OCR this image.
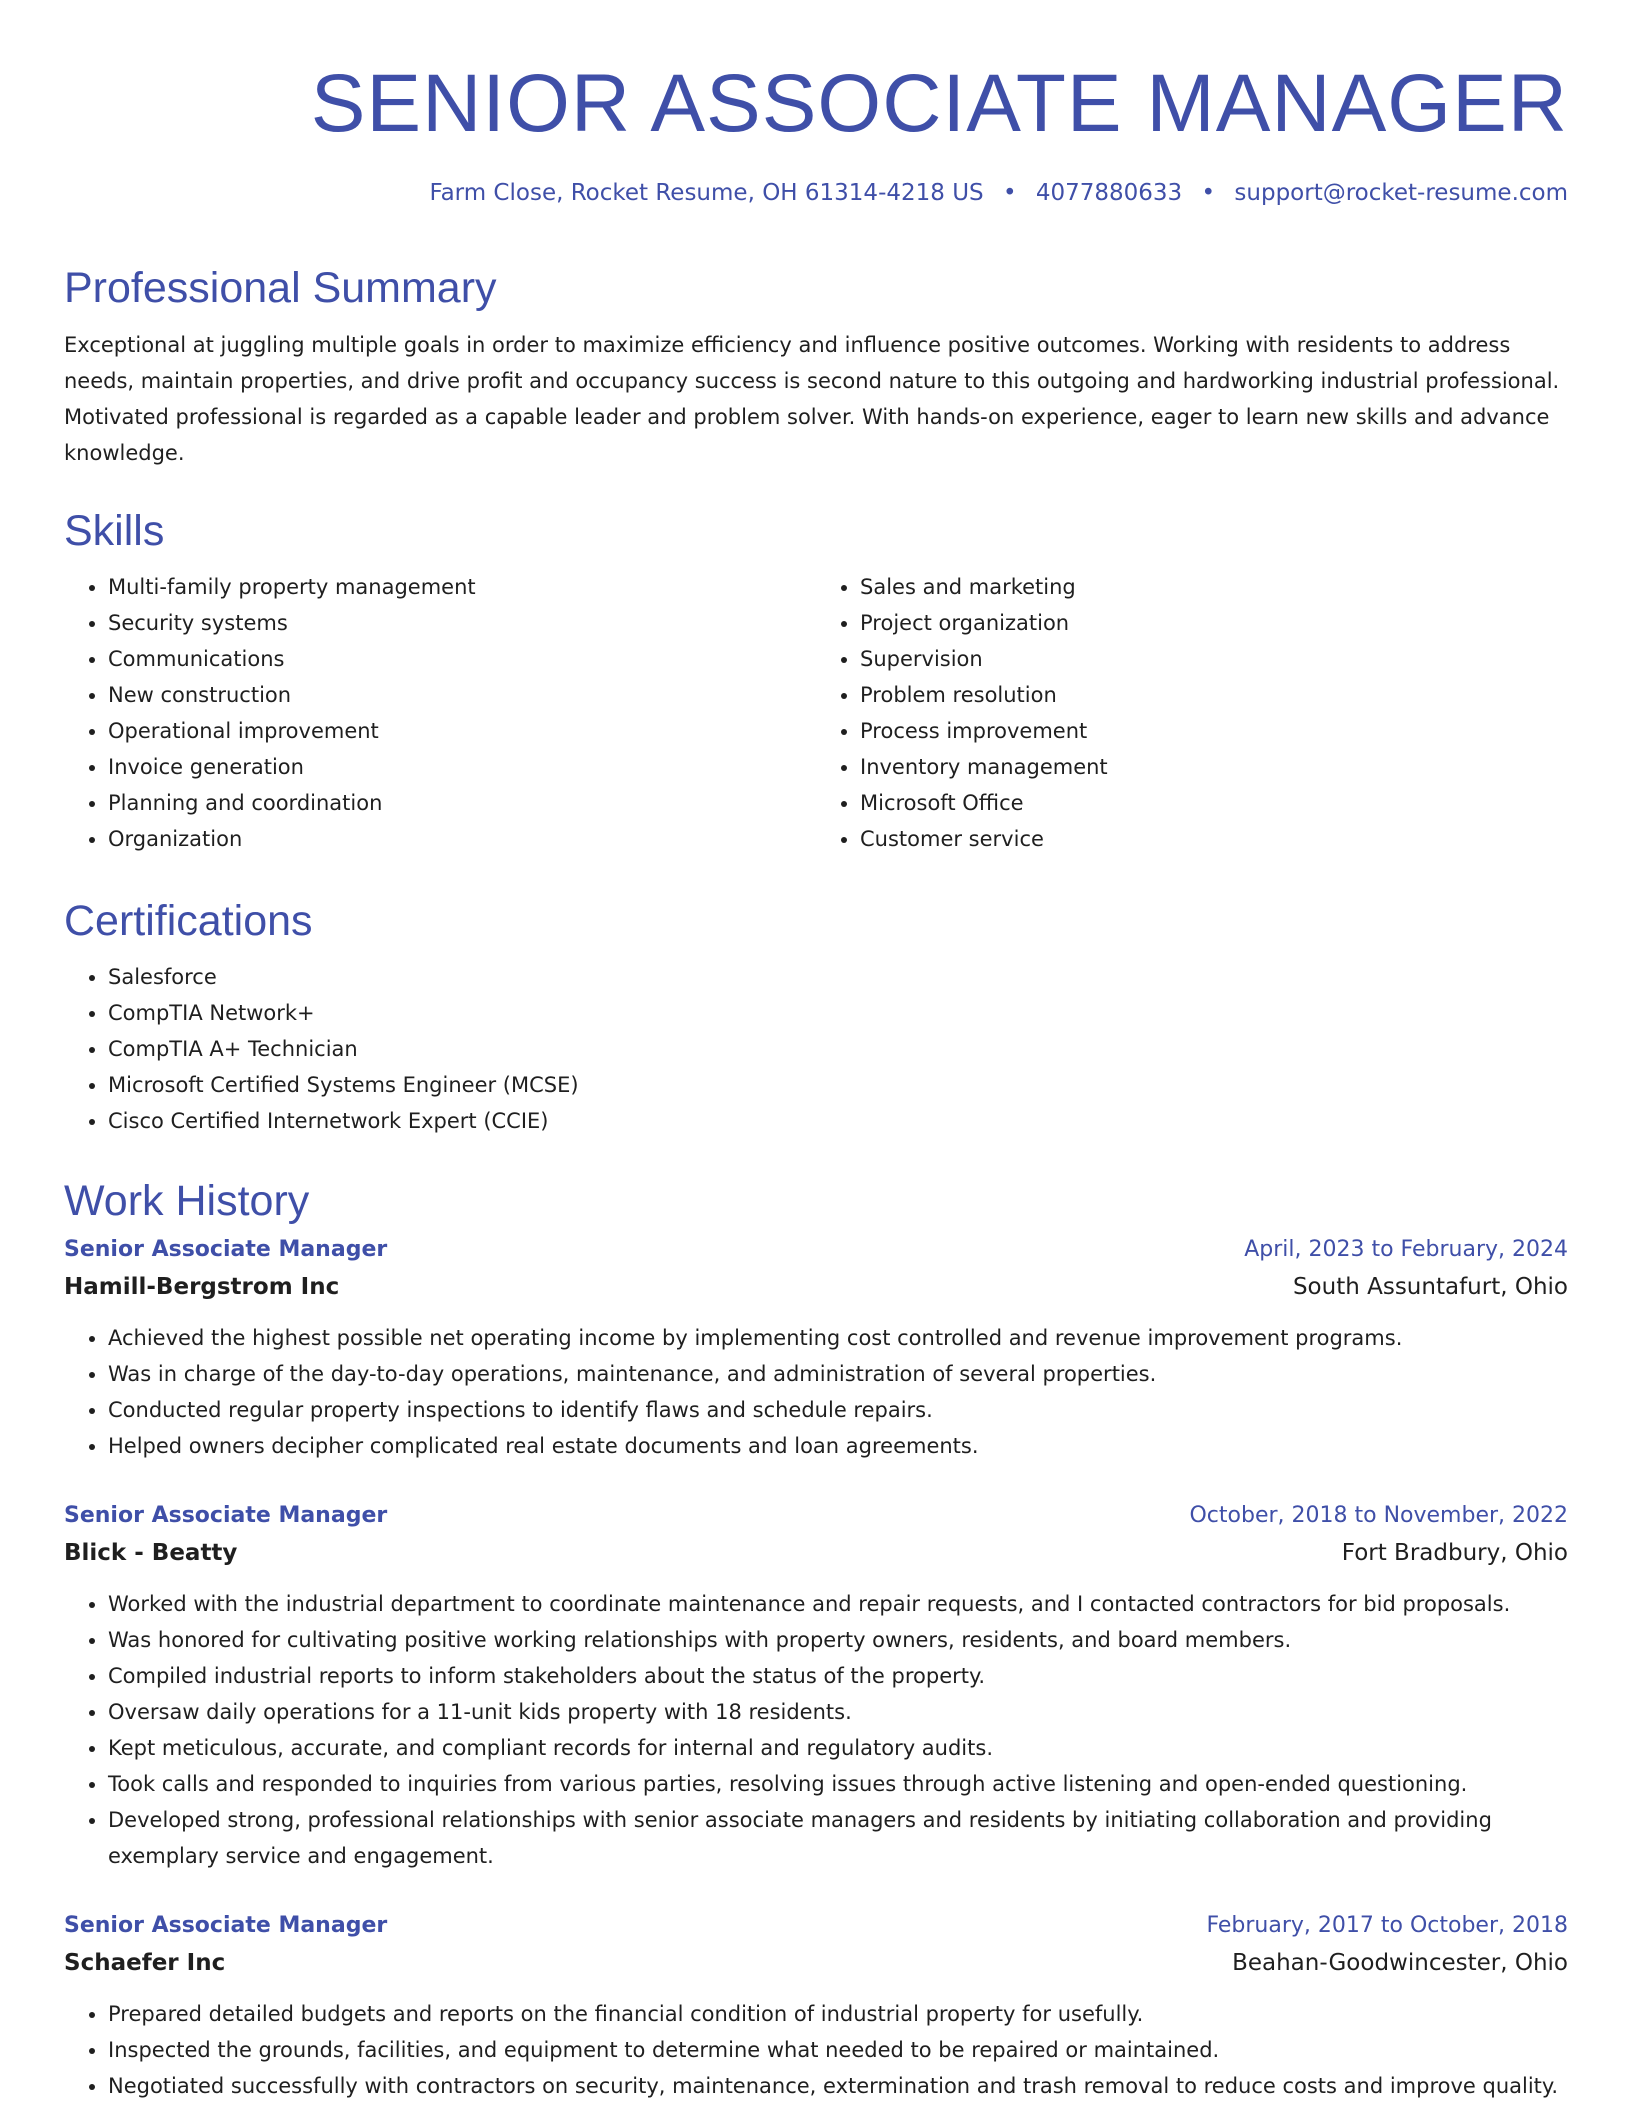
SENIOR ASSOCIATE MANAGER
Farm Close, Rocket Resume, OH 61314-4218 US • 4077880633 • support@rocket-resume.com
Professional Summary

Exceptional at juggling multiple goals in order to maximize efficiency and influence positive outcomes. Working with residents to address needs, maintain properties, and drive profit and occupancy success is second nature to this outgoing and hardworking industrial professional. Motivated professional is regarded as a capable leader and problem solver. With hands-on experience, eager to learn new skills and advance knowledge.

Skills
• Multi-family property management
• Security systems
• Communications
• New construction
• Operational improvement
• Invoice generation
• Planning and coordination
• Organization
• Sales and marketing
• Project organization
• Supervision
• Problem resolution
• Process improvement
• Inventory management
• Microsoft Office
• Customer service
Certifications
• Salesforce
• CompTIA Network+
• CompTIA A+ Technician
• Microsoft Certified Systems Engineer (MCSE)
• Cisco Certified Internetwork Expert (CCIE)
Work History
Senior Associate Manager	April, 2023 to February, 2024
Hamill-Bergstrom Inc	South Assuntafurt, Ohio
• Achieved the highest possible net operating income by implementing cost controlled and revenue improvement programs.
• Was in charge of the day-to-day operations, maintenance, and administration of several properties.
• Conducted regular property inspections to identify flaws and schedule repairs.
• Helped owners decipher complicated real estate documents and loan agreements.
Senior Associate Manager	October, 2018 to November, 2022
Blick - Beatty	Fort Bradbury, Ohio
• Worked with the industrial department to coordinate maintenance and repair requests, and I contacted contractors for bid proposals.
• Was honored for cultivating positive working relationships with property owners, residents, and board members.
• Compiled industrial reports to inform stakeholders about the status of the property.
• Oversaw daily operations for a 11-unit kids property with 18 residents.
• Kept meticulous, accurate, and compliant records for internal and regulatory audits.
• Took calls and responded to inquiries from various parties, resolving issues through active listening and open-ended questioning.
• Developed strong, professional relationships with senior associate managers and residents by initiating collaboration and providing exemplary service and engagement.
Senior Associate Manager	February, 2017 to October, 2018
Schaefer Inc	Beahan-Goodwincester, Ohio
• Prepared detailed budgets and reports on the financial condition of industrial property for usefully.
• Inspected the grounds, facilities, and equipment to determine what needed to be repaired or maintained.
• Negotiated successfully with contractors on security, maintenance, extermination and trash removal to reduce costs and improve quality.
